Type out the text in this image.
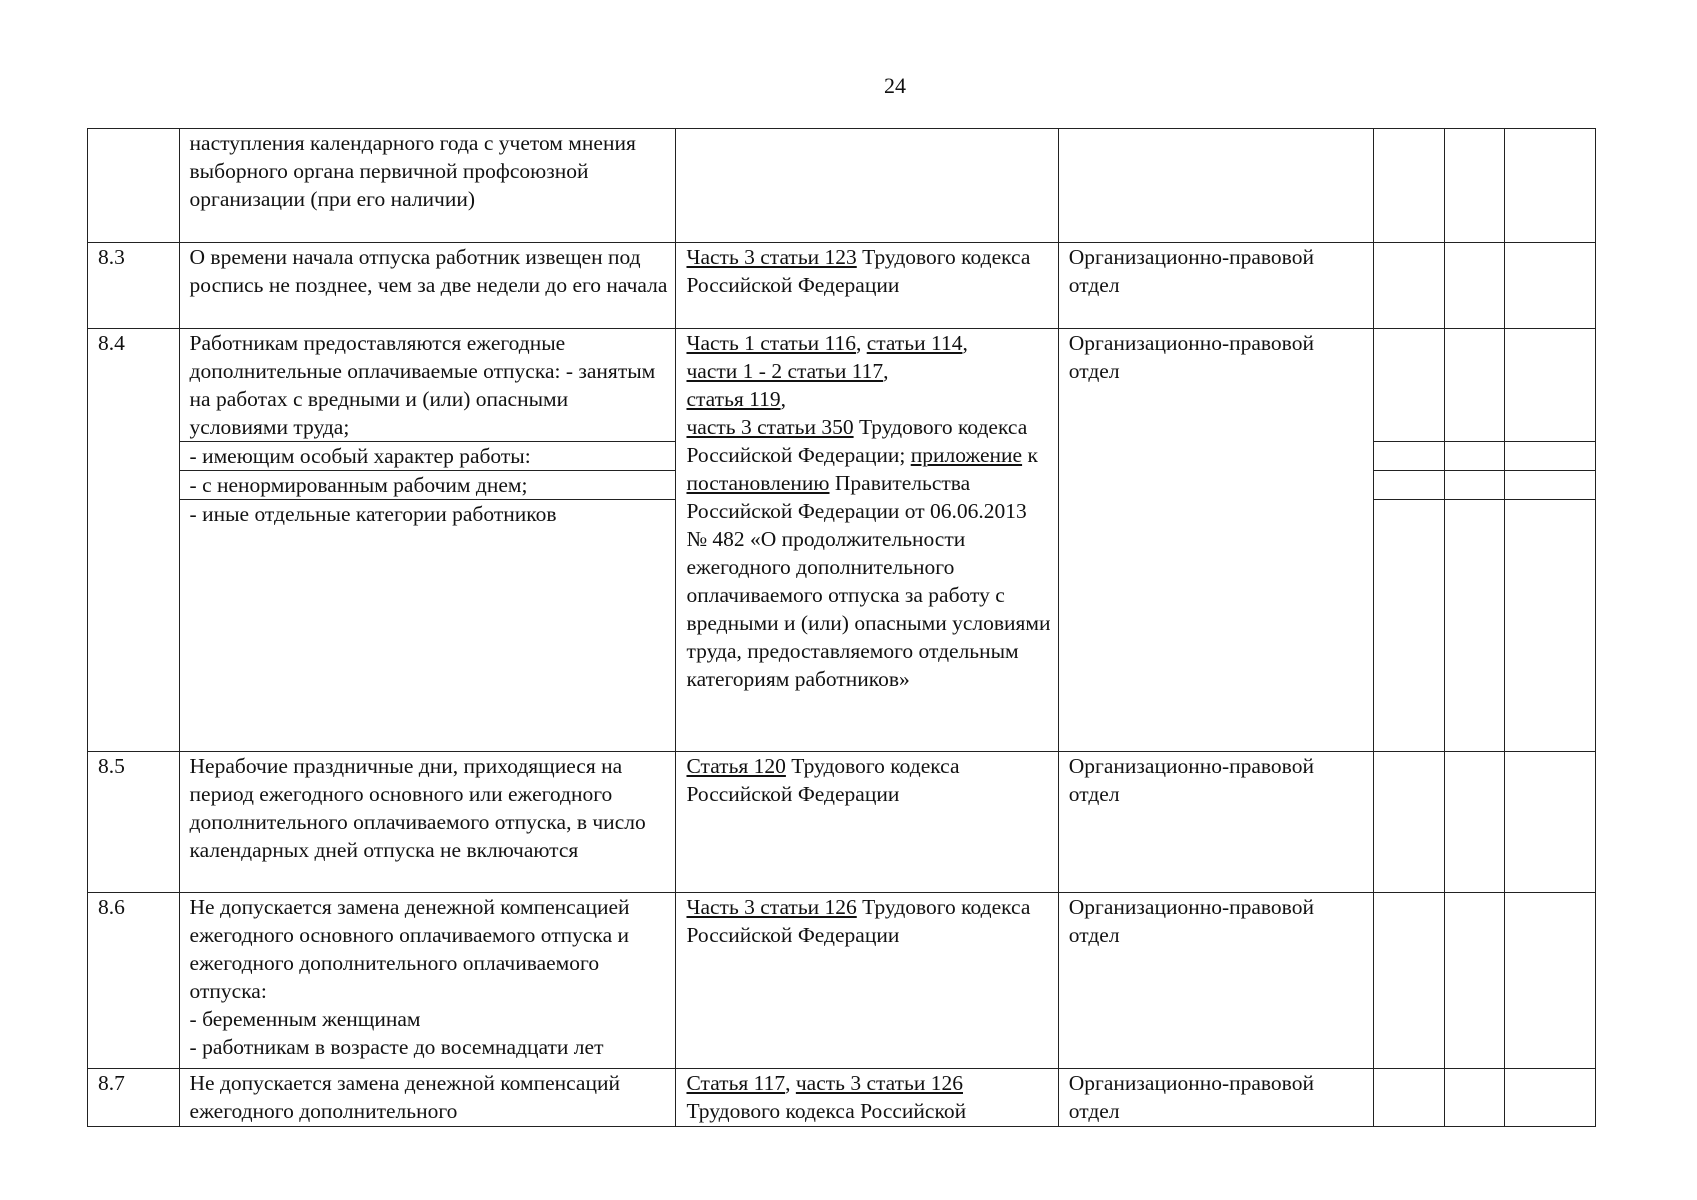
24
	наступления календарного года с учетом мнения выборного органа первичной профсоюзной организации (при его наличии)					
8.3	О времени начала отпуска работник извещен под роспись не позднее, чем за две недели до его начала	Часть 3 статьи 123 Трудового кодекса Российской Федерации	Организационно-правовой отдел			
8.4	Работникам предоставляются ежегодные дополнительные оплачиваемые отпуска: - занятым на работах с вредными и (или) опасными условиями труда;	Часть 1 статьи 116, статьи 114,
части 1 - 2 статьи 117,
статья 119,
часть 3 статьи 350 Трудового кодекса Российской Федерации; приложение к постановлению Правительства Российской Федерации от 06.06.2013 № 482 «О продолжительности ежегодного дополнительного оплачиваемого отпуска за работу с вредными и (или) опасными условиями труда, предоставляемого отдельным категориям работников»	Организационно-правовой отдел			
	- имеющим особый характер работы:					
	- с ненормированным рабочим днем;					
	- иные отдельные категории работников					
8.5	Нерабочие праздничные дни, приходящиеся на период ежегодного основного или ежегодного дополнительного оплачиваемого отпуска, в число календарных дней отпуска не включаются	Статья 120 Трудового кодекса Российской Федерации	Организационно-правовой отдел			
8.6	Не допускается замена денежной компенсацией ежегодного основного оплачиваемого отпуска и ежегодного дополнительного оплачиваемого отпуска:
- беременным женщинам
- работникам в возрасте до восемнадцати лет	Часть 3 статьи 126 Трудового кодекса Российской Федерации	Организационно-правовой отдел			
8.7	Не допускается замена денежной компенсаций ежегодного дополнительного	Статья 117, часть 3 статьи 126 Трудового кодекса Российской	Организационно-правовой отдел			
